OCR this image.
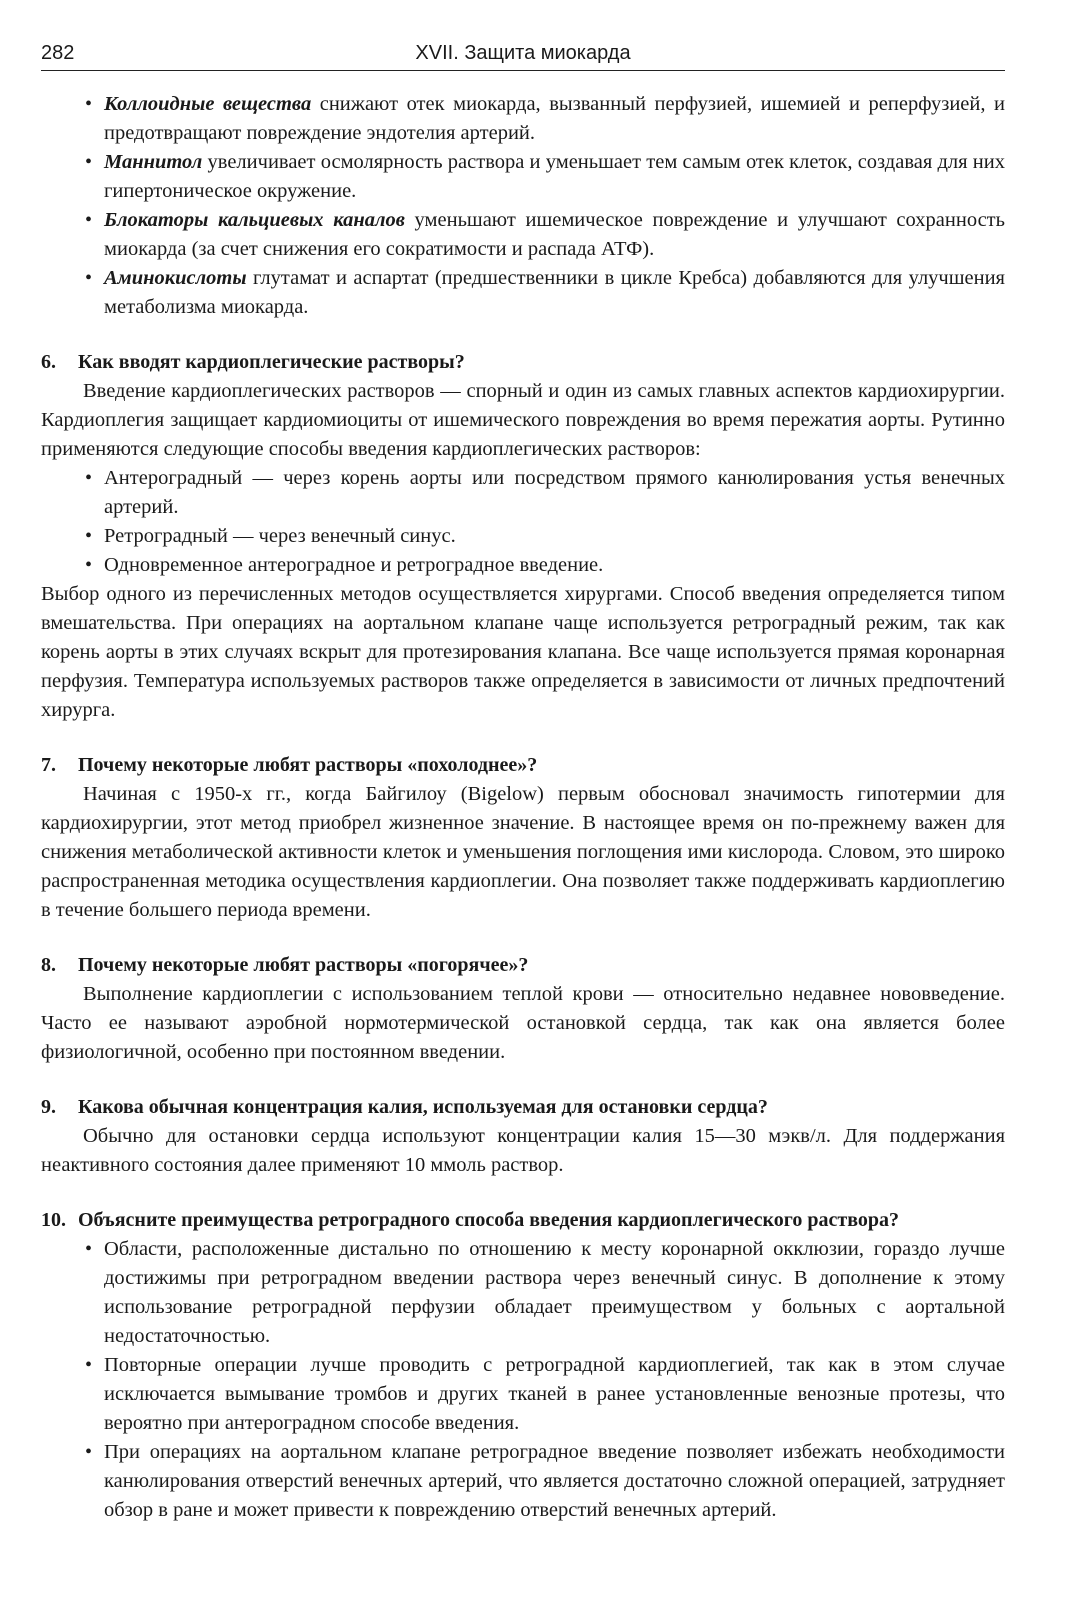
282	XVII. Защита миокарда
• Коллоидные вещества снижают отек миокарда, вызванный перфузией, ишемией и реперфузией, и предотвращают повреждение эндотелия артерий.
• Маннитол увеличивает осмолярность раствора и уменьшает тем самым отек клеток, создавая для них гипертоническое окружение.
• Блокаторы кальциевых каналов уменьшают ишемическое повреждение и улучшают сохранность миокарда (за счет снижения его сократимости и распада АТФ).
• Аминокислоты глутамат и аспартат (предшественники в цикле Кребса) добавляются для улучшения метаболизма миокарда.
6. Как вводят кардиоплегические растворы?
Введение кардиоплегических растворов — спорный и один из самых главных аспектов кардиохирургии. Кардиоплегия защищает кардиомиоциты от ишемического повреждения во время пережатия аорты. Рутинно применяются следующие способы введения кардиоплегических растворов:
• Антероградный — через корень аорты или посредством прямого канюлирования устья венечных артерий.
• Ретроградный — через венечный синус.
• Одновременное антероградное и ретроградное введение.
Выбор одного из перечисленных методов осуществляется хирургами. Способ введения определяется типом вмешательства. При операциях на аортальном клапане чаще используется ретроградный режим, так как корень аорты в этих случаях вскрыт для протезирования клапана. Все чаще используется прямая коронарная перфузия. Температура используемых растворов также определяется в зависимости от личных предпочтений хирурга.
7. Почему некоторые любят растворы «похолоднее»?
Начиная с 1950-х гг., когда Байгилоу (Bigelow) первым обосновал значимость гипотермии для кардиохирургии, этот метод приобрел жизненное значение. В настоящее время он по-прежнему важен для снижения метаболической активности клеток и уменьшения поглощения ими кислорода. Словом, это широко распространенная методика осуществления кардиоплегии. Она позволяет также поддерживать кардиоплегию в течение большего периода времени.
8. Почему некоторые любят растворы «погорячее»?
Выполнение кардиоплегии с использованием теплой крови — относительно недавнее нововведение. Часто ее называют аэробной нормотермической остановкой сердца, так как она является более физиологичной, особенно при постоянном введении.
9. Какова обычная концентрация калия, используемая для остановки сердца?
Обычно для остановки сердца используют концентрации калия 15—30 мэкв/л. Для поддержания неактивного состояния далее применяют 10 ммоль раствор.
10. Объясните преимущества ретроградного способа введения кардиоплегического раствора?
• Области, расположенные дистально по отношению к месту коронарной окклюзии, гораздо лучше достижимы при ретроградном введении раствора через венечный синус. В дополнение к этому использование ретроградной перфузии обладает преимуществом у больных с аортальной недостаточностью.
• Повторные операции лучше проводить с ретроградной кардиоплегией, так как в этом случае исключается вымывание тромбов и других тканей в ранее установленные венозные протезы, что вероятно при антероградном способе введения.
• При операциях на аортальном клапане ретроградное введение позволяет избежать необходимости канюлирования отверстий венечных артерий, что является достаточно сложной операцией, затрудняет обзор в ране и может привести к повреждению отверстий венечных артерий.
